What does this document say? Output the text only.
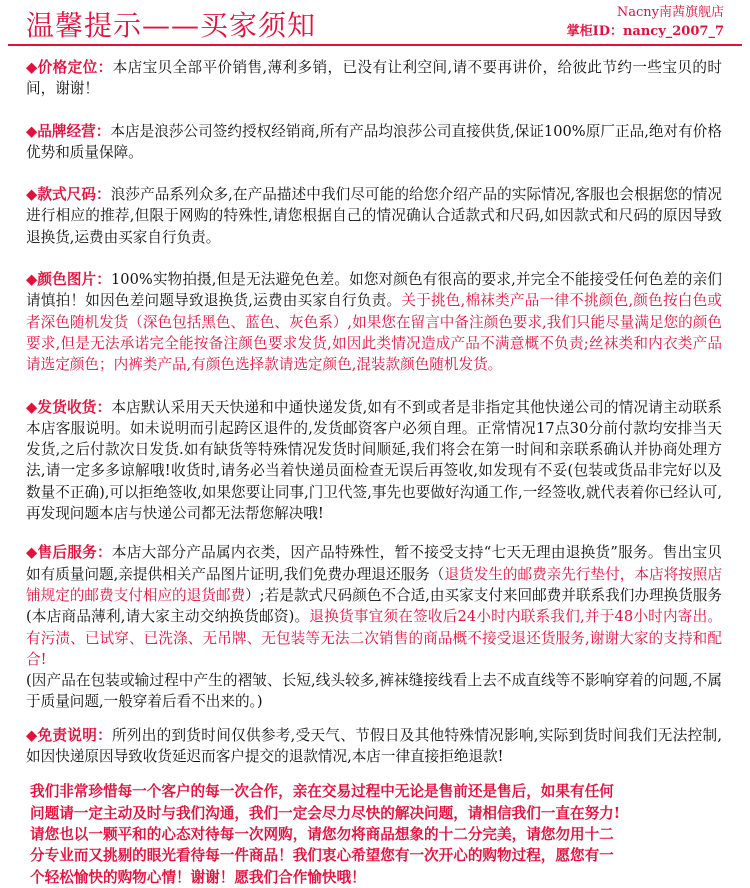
温馨提示——买家须知	Nacny南茜旗舰店
掌柜ID：nancy_2007_7

◆价格定位：本店宝贝全部平价销售,薄利多销，已没有让利空间,请不要再讲价，给彼此节约一些宝贝的时间，谢谢！

◆品牌经营：本店是浪莎公司签约授权经销商,所有产品均浪莎公司直接供货,保证100%原厂正品,绝对有价格优势和质量保障。

◆款式尺码：浪莎产品系列众多,在产品描述中我们尽可能的给您介绍产品的实际情况,客服也会根据您的情况进行相应的推荐,但限于网购的特殊性,请您根据自己的情况确认合适款式和尺码,如因款式和尺码的原因导致退换货,运费由买家自行负责。

◆颜色图片：100%实物拍摄,但是无法避免色差。如您对颜色有很高的要求,并完全不能接受任何色差的亲们请慎拍！如因色差问题导致退换货,运费由买家自行负责。关于挑色,棉袜类产品一律不挑颜色,颜色按白色或者深色随机发货（深色包括黑色、蓝色、灰色系）,如果您在留言中备注颜色要求,我们只能尽量满足您的颜色要求,但是无法承诺完全能按备注颜色要求发货,如因此类情况造成产品不满意概不负责;丝袜类和内衣类产品请选定颜色；内裤类产品,有颜色选择款请选定颜色,混装款颜色随机发货。

◆发货收货：本店默认采用天天快递和中通快递发货,如有不到或者是非指定其他快递公司的情况请主动联系本店客服说明。如未说明而引起跨区退件的,发货邮资客户必须自理。正常情况17点30分前付款均安排当天发货,之后付款次日发货.如有缺货等特殊情况发货时间顺延,我们将会在第一时间和亲联系确认并协商处理方法,请一定多多谅解哦!收货时,请务必当着快递员面检查无误后再签收,如发现有不妥(包装或货品非完好以及数量不正确),可以拒绝签收,如果您要让同事,门卫代签,事先也要做好沟通工作,一经签收,就代表着你已经认可,再发现问题本店与快递公司都无法帮您解决哦!

◆售后服务：本店大部分产品属内衣类，因产品特殊性，暂不接受支持“七天无理由退换货”服务。售出宝贝如有质量问题,亲提供相关产品图片证明,我们免费办理退还服务（退货发生的邮费亲先行垫付，本店将按照店铺规定的邮费支付相应的退货邮费）;若是款式尺码颜色不合适,由买家支付来回邮费并联系我们办理换货服务(本店商品薄利,请大家主动交纳换货邮资)。退换货事宜须在签收后24小时内联系我们,并于48小时内寄出。有污渍、已试穿、已洗涤、无吊牌、无包装等无法二次销售的商品概不接受退还货服务,谢谢大家的支持和配合!
(因产品在包装或输过程中产生的褶皱、长短,线头较多,裤袜缝接线看上去不成直线等不影响穿着的问题,不属于质量问题,一般穿着后看不出来的。)

◆免责说明：所列出的到货时间仅供参考,受天气、节假日及其他特殊情况影响,实际到货时间我们无法控制,如因快递原因导致收货延迟而客户提交的退款情况,本店一律直接拒绝退款!

我们非常珍惜每一个客户的每一次合作，亲在交易过程中无论是售前还是售后，如果有任何
问题请一定主动及时与我们沟通，我们一定会尽力尽快的解决问题，请相信我们一直在努力!
请您也以一颗平和的心态对待每一次网购，请您勿将商品想象的十二分完美，请您勿用十二
分专业而又挑剔的眼光看待每一件商品！我们衷心希望您有一次开心的购物过程，愿您有一
个轻松愉快的购物心情！谢谢！愿我们合作愉快哦！
